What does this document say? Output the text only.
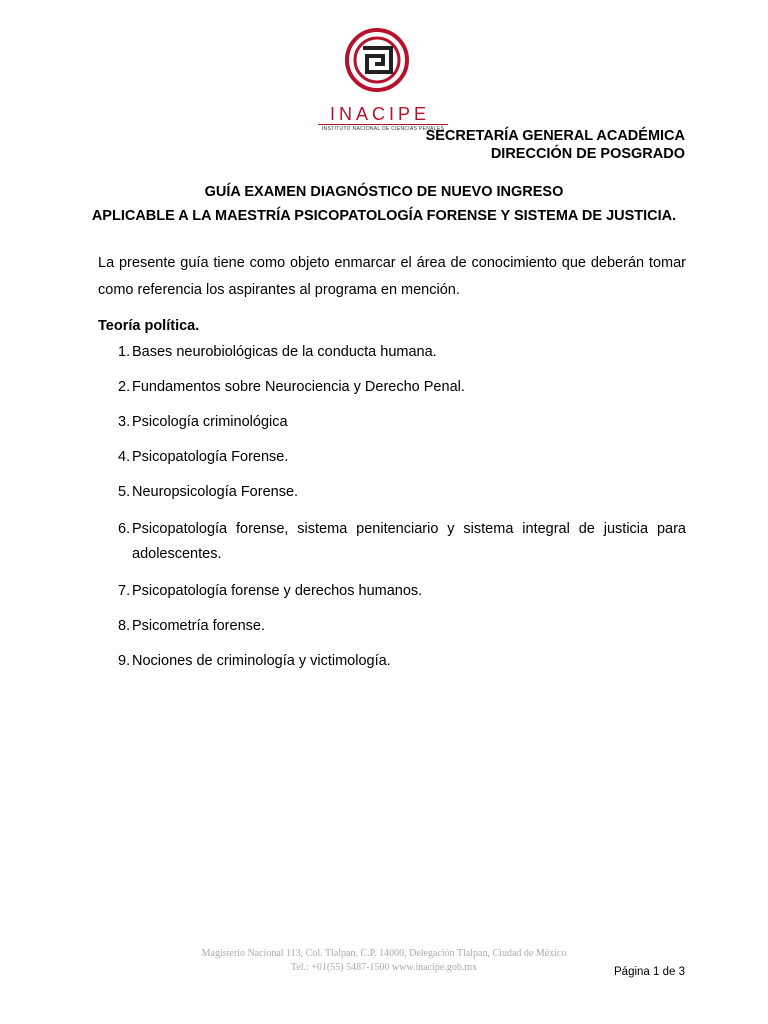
INACIPE
INSTITUTO NACIONAL DE CIENCIAS PENALES
SECRETARÍA GENERAL ACADÉMICA
DIRECCIÓN DE POSGRADO
GUÍA EXAMEN DIAGNÓSTICO DE NUEVO INGRESO
APLICABLE A LA MAESTRÍA PSICOPATOLOGÍA FORENSE Y SISTEMA DE JUSTICIA.
La presente guía tiene como objeto enmarcar el área de conocimiento que deberán tomar como referencia los aspirantes al programa en mención.
Teoría política.
1. Bases neurobiológicas de la conducta humana.
2. Fundamentos sobre Neurociencia y Derecho Penal.
3. Psicología criminológica
4. Psicopatología Forense.
5. Neuropsicología Forense.
6. Psicopatología forense, sistema penitenciario y sistema integral de justicia para adolescentes.
7. Psicopatología forense y derechos humanos.
8. Psicometría forense.
9. Nociones de criminología y victimología.
Magisterio Nacional 113, Col. Tlalpan, C.P. 14000, Delegación Tlalpan, Ciudad de México
Tel.: +01(55) 5487-1500 www.inacipe.gob.mx	Página 1 de 3
